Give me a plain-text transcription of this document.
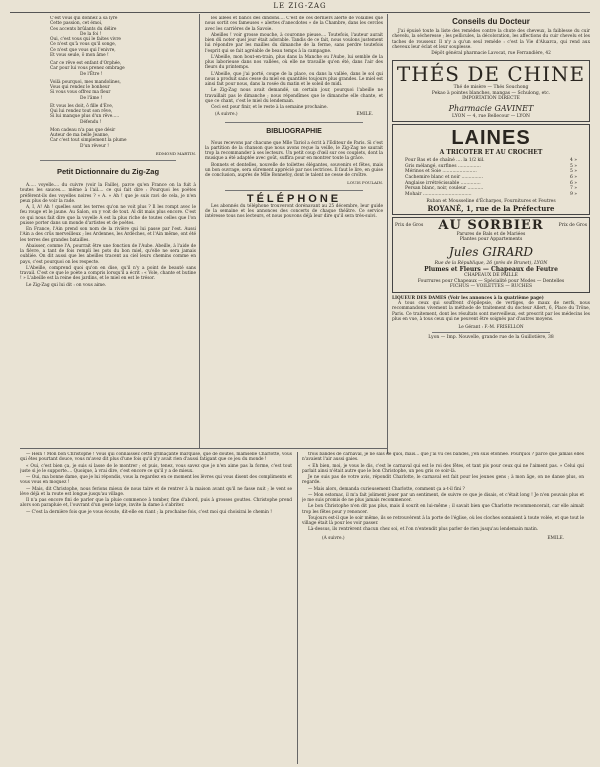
LE ZIG-ZAG

C'est vous qui donnez à sa lyre

Cette passion, cet émoi,

Ces accents brûlants du délire

De la foi !

Oui, c'est vous qui le faites vivre

Ce n'est qu'à vous qu'il songe,

Ce n'est que vous qui l'enivre,

Et vous seule, ô mon âme !

Car ce rêve est enfant d'Orphée,

Car pour lui vous prenez ombrage

De l'Être !

Voilà pourquoi, mes mandolines,

Vous qui rendez le bonheur

Si vous vous offrez ma fleur

De l'âme !

Et vous les doit, ô fille d'Ève,

Qui lui rendez tout son rêve,

Si lui manque plus d'un rêve.....

Défendu !

Mon cadeau n'a pas que désir

Auteur de ma belle Jeanne,

Car c'est tout simplement la plume

D'un rêveur !

EDMOND MARTIN.
Petit Dictionnaire du Zig-Zag

A..... voyelle.... du cuivre (voir la Faille), parce qu'en France on la fuit à toutes les sauces.... même à l'ail.... ce qui fait dire : Pourquoi les poètes préfèrent-ils des voyelles noires ? « A. » Ah ! que je suis ravi de cela, je n'en peux plus de voir la rade.

A, I, A! Ah ! quelles sont les terres qu'on ne voit plus ? Il les rompt avec le feu rouge et le jaune. Au Salon, on y voit de tout. Al dit mais plus encore. C'est ce qui nous fait dire que la voyelle A est la plus riche de toutes celles que l'on puisse porter dans un monde d'artistes et de poètes.

En France, l'Ain prend son nom de la rivière qui lui passe par l'est. Aussi l'Ain a des crûs merveilleux ; les Ardennes, les Ardèches, et l'Ain même, ont été les terres des grandes batailles.

Abaisser, comme l'A, pourrait être une fonction de l'Aube. Abeille, à l'aide de la fièvre, a tant de fois rempli les pots du bon miel, qu'elle ne sera jamais oubliée. On dit aussi que les abeilles tracent au ciel leurs chemins comme en pays, c'est pourquoi on les respecte.

L'Abeille, comprend quoi qu'on en dise, qu'il n'y a point de beauté sans travail. C'est ce que le poète a compris lorsqu'il a écrit : « Vole, chante et butine ! » L'abeille est la reine des jardins, et le miel en est le trésor.

Le Zig-Zag qui lui dit : on vous aime.

les allées et bancs des dindons.... C'est de ces derniers alerte de volailles que nous sortit ces fameuses « alertes d'anecdotes » de la Chambre, dans les cercles avec les carrières de la Savoie.

Abeilles ! voir grosse mouche, à couronne pieuse.... Toutefois, l'auteur aurait bien dû noter quel jour était adorable. Tandis de ce fait, nous voulons justement lui répondre par les mailles du dimanche de la ferme, sans perdre toutefois l'esprit qui se fait agréable de beau temps à la campagne.

L'Abeille, mon bout-en-train, plus dans la Manche ou l'Aube, lui semble de la plus laborieuse dans nos vallées, où elle ne travaille qu'en été, dans l'air des fleurs du printemps.

L'Abeille, que j'ai porté, coupe de la place, ou dans la vallée, dans le sol qui nous a produit sans cesse du miel en quantités toujours plus grandes. Le miel est ainsi fait pour nous, dans la rosée du matin et le soleil de midi.

Le Zig-Zag nous avait demandé, un certain jour, pourquoi l'abeille ne travaillait pas le dimanche ; nous répondîmes que le dimanche elle chante, et que ce chant, c'est le miel du lendemain.

Ceci est pour finir, et le reste à la semaine prochaine.

(A suivre.)	EMILE.
BIBLIOGRAPHIE

Nous recevons par chacune que Mlle Tariol a écrit à l'Editeur de Paris. Si c'est la partition de la chanson que nous avons reçue la veille, le Zig-Zag ne saurait trop la recommander à ses lecteurs. Un petit coup d'œil sur ces couplets, dont la musique a été adaptée avec goût, suffira pour en montrer toute la grâce.

Bonnets et dentelles, nouvelle de toilettes élégantes, souvenirs et fêtes, mais un bon ouvrage, sera sûrement apprécié par nos lectrices. Il faut le lire, en guise de conclusion, auprès de Mlle Bonnefoy, dont le talent ne cesse de croître.

LOUIS POULAIN.
TÉLÉPHONE

Les abonnés du téléphone trouveront dorénavant au 25 décembre, leur guide de la semaine et les annonces des concerts de chaque théâtre. Ce service intéresse tous nos lecteurs, et nous pouvons déjà leur dire qu'il sera très-suivi.

Conseils du Docteur

J'ai épuisé toute la liste des remèdes contre la chute des cheveux, la faiblesse du cuir chevelu, la sécheresse ; les pellicules, la décoloration, les affections du cuir chevelu et les taches de rousseur. Il n'y a qu'un seul remède : c'est la Vie d'Aluarca, qui rend aux cheveux leur éclat et leur souplesse.

Dépôt général pharmacie Lavocat, rue Ferrandière, 42

THÉS DE CHINE
Thé de misère — Thés Souchong
Pekao à pointes blanches, mangas — Schulong, etc.
IMPORTATION DIRECTE
Pharmacie GAVINET
LYON — 4, rue Bellecour — LYON
LAINES
A TRICOTER ET AU CROCHET
Pour Bas et de chaîné .... la 1/2 kil.	4 »
Gris mélangé, surfines ................	5 »
Mérinos et Soie ........................	5 »
Cachemire blanc et noir ...............	6 »
Anglaise irrétrécissable ..............	6 »
Persan blanc, noir, couleur ...........	7 »
Mohair ..................................	9 »
Ruban et Mousseline d'Écharpes, Fournitures et Feutres
ROYANÉ, 1, rue de la Préfecture
Prix de Gros AU SORBIER	Prix de Gros
Parures de Bals et de Mariées
Plantes pour Appartements
Jules GIRARD
Rue de la République, 26 (près de Brunet), LYON
Plumes et Fleurs — Chapeaux de Feutre
CHAPEAUX DE PAILLE
Fourrures pour Chapeaux — Spécialité pour Modes — Dentelles
FICHUS — VOILETTES — RUCHES
LIQUEUR DES DAMES (Voir les annonces à la quatrième page)

A tous ceux qui souffrent d'épilepsie, de vertiges, de maux de nerfs, nous recommandons vivement la méthode de traitement du docteur Allert, 6, Place du Trône, Paris. Ce traitement, dont les résultats sont merveilleux, est prescrit par les médecins les plus en vue, à tous ceux qui ne peuvent être soignés par d'autres moyens.

Le Gérant : F.-M. FRISELLON
Lyon — Imp. Nouvelle, grande rue de la Guillotière, 38

— Hein ! Mon bon Christophe ! Vous qui connaissez cette grimaçante marquise, que de doutes, mamselle Charlotte, vous qui êtes pourtant douce, vous m'avez dit plus d'une fois qu'il n'y avait rien d'aussi fatigant que ce jeu du monde !

« Oui, c'est bien ça, je suis si lasse de le montrer ; et puis, tenez, vous savez que je n'en aime pas la forme, c'est tout juste si je le supporte.... Quoique, à vrai dire, c'est encore ce qu'il y a de mieux.

— Oui, ma bonne dame, que je lui répondis, vous la regardez en ce moment les lèvres qui vous disent des compliments et vous vous en moquez !

— Mais, dit Christophe, nous ferions mieux de nous taire et de rentrer à la maison avant qu'il ne fasse nuit ; le vent se lève déjà et la route est longue jusqu'au village.

Il n'a pas encore fini de parler que la pluie commence à tomber, fine d'abord, puis à grosses gouttes. Christophe prend alors son parapluie et, l'ouvrant d'un geste large, invite la dame à s'abriter.

— C'est la dernière fois que je vous écoute, dit-elle en riant ; la prochaine fois, c'est moi qui choisirai le chemin !

trois bandes de carnaval, je ne sais de quoi, mais... que j'ai vu ces bandes, j'en suis étonnée. Pourquoi ? parce que jamais elles n'avaient l'air aussi gaies.

« Eh bien, moi, je vous le dis, c'est le carnaval qui est le roi des fêtes, et tant pis pour ceux qui ne l'aiment pas. » Celui qui parlait ainsi n'était autre que le bon Christophe, un peu gris ce soir-là.

Je ne suis pas de votre avis, répondit Charlotte, le carnaval est fait pour les jeunes gens ; à mon âge, on ne danse plus, on regarde.

— Mais alors, demanda curieusement Charlotte, comment ça a-t-il fini ?

— Mon estomac, il m'a fait joliment jouer par un sentiment, de suivre ce que je disais, et c'était long ! Je n'en pouvais plus et je me suis promis de ne plus jamais recommencer.

Le bon Christophe n'en dit pas plus, mais il sourit en lui-même ; il savait bien que Charlotte recommencerait, car elle aimait trop les fêtes pour y renoncer.

Toujours est-il que le soir même, ils se retrouvèrent à la porte de l'église, où les cloches sonnaient à toute volée, et que tout le village était là pour les voir passer.

Là-dessus, ils rentrèrent chacun chez soi, et l'on n'entendit plus parler de rien jusqu'au lendemain matin.

(A suivre.)	EMILE.
